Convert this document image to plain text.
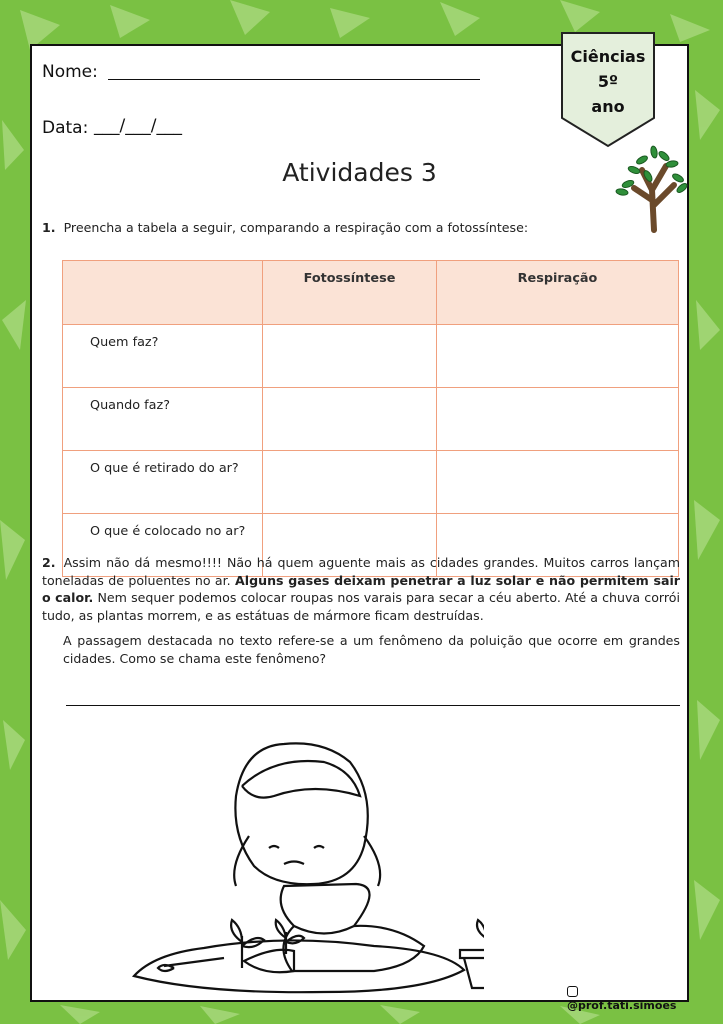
Nome:
Data: ___/___/___
Ciências
5º
ano
Atividades 3
1. Preencha a tabela a seguir, comparando a respiração com a fotossíntese:
	Fotossíntese	Respiração
Quem faz?		
Quando faz?		
O que é retirado do ar?		
O que é colocado no ar?		
2. Assim não dá mesmo!!!! Não há quem aguente mais as cidades grandes. Muitos carros lançam toneladas de poluentes no ar. Alguns gases deixam penetrar a luz solar e não permitem sair o calor. Nem sequer podemos colocar roupas nos varais para secar a céu aberto. Até a chuva corrói tudo, as plantas morrem, e as estátuas de mármore ficam destruídas.
A passagem destacada no texto refere-se a um fenômeno da poluição que ocorre em grandes cidades. Como se chama este fenômeno?
@prof.tati.simoes
